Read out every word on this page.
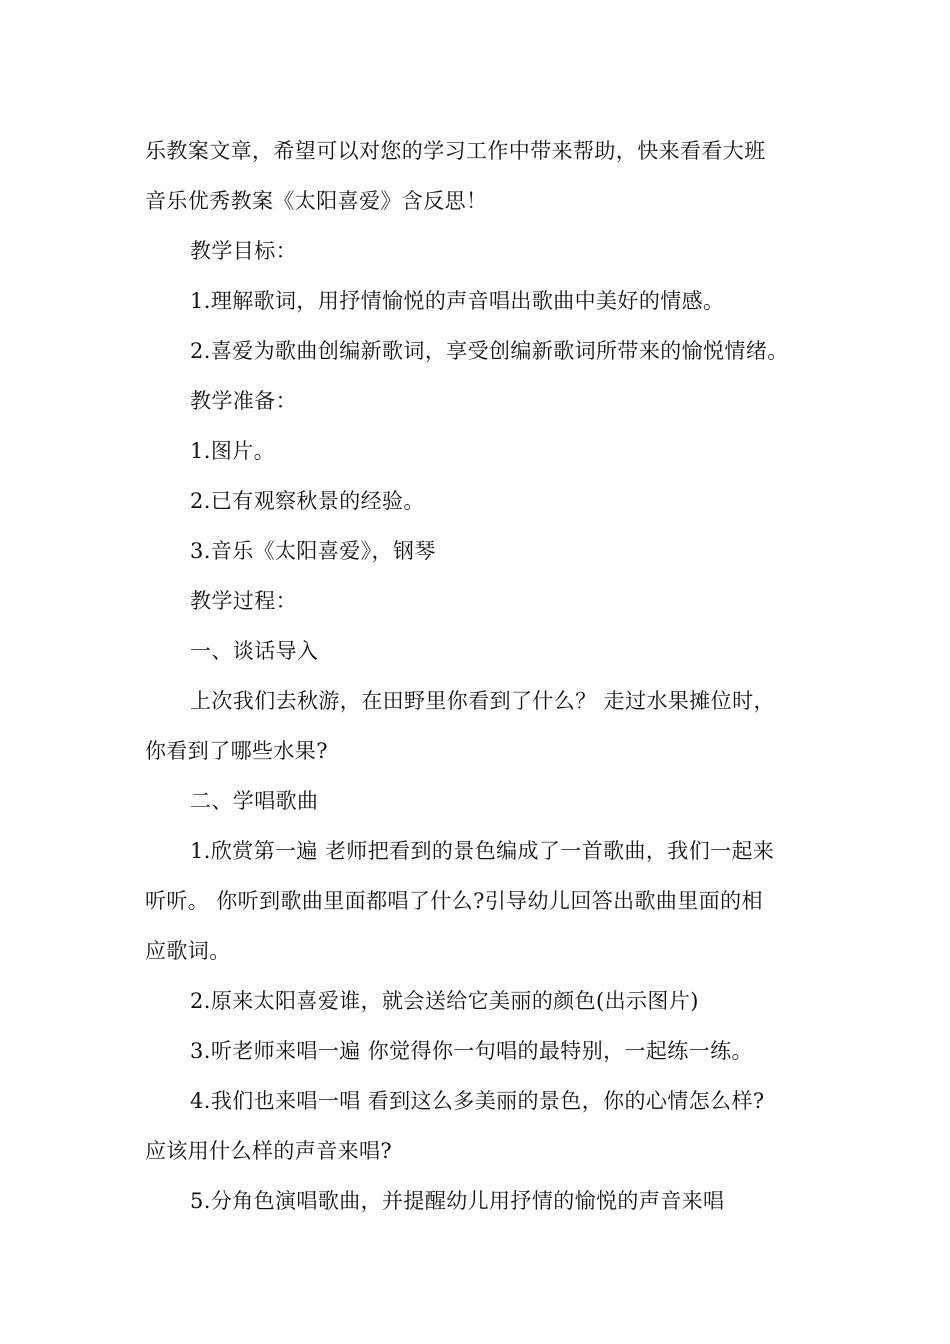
乐教案文章，希望可以对您的学习工作中带来帮助，快来看看大班
音乐优秀教案《太阳喜爱》含反思！
教学目标：
1.理解歌词，用抒情愉悦的声音唱出歌曲中美好的情感。
2.喜爱为歌曲创编新歌词，享受创编新歌词所带来的愉悦情绪。
教学准备：
1.图片。
2.已有观察秋景的经验。
3.音乐《太阳喜爱》，钢琴
教学过程：
一、谈话导入
上次我们去秋游，在田野里你看到了什么？ 走过水果摊位时，
你看到了哪些水果?
二、学唱歌曲
1.欣赏第一遍 老师把看到的景色编成了一首歌曲，我们一起来
听听。 你听到歌曲里面都唱了什么?引导幼儿回答出歌曲里面的相
应歌词。
2.原来太阳喜爱谁，就会送给它美丽的颜色(出示图片)
3.听老师来唱一遍 你觉得你一句唱的最特别，一起练一练。
4.我们也来唱一唱 看到这么多美丽的景色，你的心情怎么样?
应该用什么样的声音来唱?
5.分角色演唱歌曲，并提醒幼儿用抒情的愉悦的声音来唱
